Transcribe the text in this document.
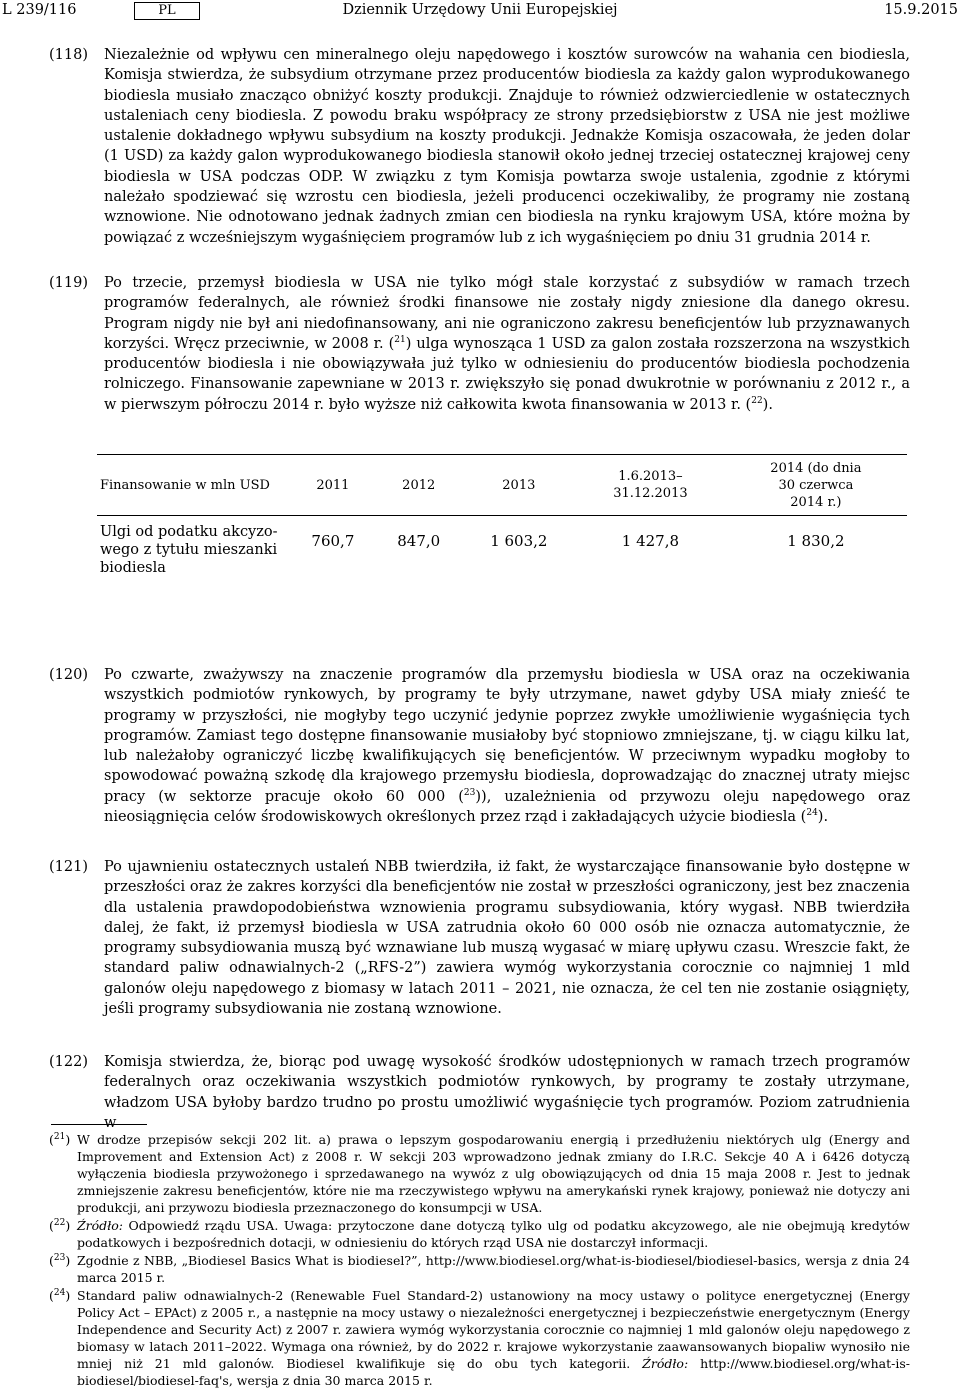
Dziennik Urzędowy Unii Europejskiej
L 239/116	PL	15.9.2015
(118) Niezależnie od wpływu cen mineralnego oleju napędowego i kosztów surowców na wahania cen biodiesla, Komisja stwierdza, że subsydium otrzymane przez producentów biodiesla za każdy galon wyprodukowanego biodiesla musiało znacząco obniżyć koszty produkcji. Znajduje to również odzwierciedlenie w ostatecznych ustaleniach ceny biodiesla. Z powodu braku współpracy ze strony przedsiębiorstw z USA nie jest możliwe ustalenie dokładnego wpływu subsydium na koszty produkcji. Jednakże Komisja oszacowała, że jeden dolar (1 USD) za każdy galon wyprodukowanego biodiesla stanowił około jednej trzeciej ostatecznej krajowej ceny biodiesla w USA podczas ODP. W związku z tym Komisja powtarza swoje ustalenia, zgodnie z którymi należało spodziewać się wzrostu cen biodiesla, jeżeli producenci oczekiwaliby, że programy nie zostaną wznowione. Nie odnotowano jednak żadnych zmian cen biodiesla na rynku krajowym USA, które można by powiązać z wcześniejszym wygaśnięciem programów lub z ich wygaśnięciem po dniu 31 grudnia 2014 r.
(119) Po trzecie, przemysł biodiesla w USA nie tylko mógł stale korzystać z subsydiów w ramach trzech programów federalnych, ale również środki finansowe nie zostały nigdy zniesione dla danego okresu. Program nigdy nie był ani niedofinansowany, ani nie ograniczono zakresu beneficjentów lub przyznawanych korzyści. Wręcz przeciwnie, w 2008 r. ($^{21}$) ulga wynosząca 1 USD za galon została rozszerzona na wszystkich producentów biodiesla i nie obowiązywała już tylko w odniesieniu do producentów biodiesla pochodzenia rolniczego. Finansowanie zapewniane w 2013 r. zwiększyło się ponad dwukrotnie w porównaniu z 2012 r., a w pierwszym półroczu 2014 r. było wyższe niż całkowita kwota finansowania w 2013 r. ($^{22}$).
Finansowanie w mln USD	2011	2012	2013	1.6.2013–
31.12.2013	2014 (do dnia
30 czerwca
2014 r.)
Ulgi od podatku akcyzo-
wego z tytułu mieszanki
biodiesla	760,7	847,0	1 603,2	1 427,8	1 830,2
(120) Po czwarte, zważywszy na znaczenie programów dla przemysłu biodiesla w USA oraz na oczekiwania wszystkich podmiotów rynkowych, by programy te były utrzymane, nawet gdyby USA miały znieść te programy w przyszłości, nie mogłyby tego uczynić jedynie poprzez zwykłe umożliwienie wygaśnięcia tych programów. Zamiast tego dostępne finansowanie musiałoby być stopniowo zmniejszane, tj. w ciągu kilku lat, lub należałoby ograniczyć liczbę kwalifikujących się beneficjentów. W przeciwnym wypadku mogłoby to spowodować poważną szkodę dla krajowego przemysłu biodiesla, doprowadzając do znacznej utraty miejsc pracy (w sektorze pracuje około 60 000 ($^{23}$)), uzależnienia od przywozu oleju napędowego oraz nieosiągnięcia celów środowiskowych określonych przez rząd i zakładających użycie biodiesla ($^{24}$).
(121) Po ujawnieniu ostatecznych ustaleń NBB twierdziła, iż fakt, że wystarczające finansowanie było dostępne w przeszłości oraz że zakres korzyści dla beneficjentów nie został w przeszłości ograniczony, jest bez znaczenia dla ustalenia prawdopodobieństwa wznowienia programu subsydiowania, który wygasł. NBB twierdziła dalej, że fakt, iż przemysł biodiesla w USA zatrudnia około 60 000 osób nie oznacza automatycznie, że programy subsydiowania muszą być wznawiane lub muszą wygasać w miarę upływu czasu. Wreszcie fakt, że standard paliw odnawialnych-2 („RFS-2”) zawiera wymóg wykorzystania corocznie co najmniej 1 mld galonów oleju napędowego z biomasy w latach 2011 – 2021, nie oznacza, że cel ten nie zostanie osiągnięty, jeśli programy subsydiowania nie zostaną wznowione.
(122) Komisja stwierdza, że, biorąc pod uwagę wysokość środków udostępnionych w ramach trzech programów federalnych oraz oczekiwania wszystkich podmiotów rynkowych, by programy te zostały utrzymane, władzom USA byłoby bardzo trudno po prostu umożliwić wygaśnięcie tych programów. Poziom zatrudnienia w
($^{21}$) W drodze przepisów sekcji 202 lit. a) prawa o lepszym gospodarowaniu energią i przedłużeniu niektórych ulg (Energy and Improvement and Extension Act) z 2008 r. W sekcji 203 wprowadzono jednak zmiany do I.R.C. Sekcje 40 A i 6426 dotyczą wyłączenia biodiesla przywożonego i sprzedawanego na wywóz z ulg obowiązujących od dnia 15 maja 2008 r. Jest to jednak zmniejszenie zakresu beneficjentów, które nie ma rzeczywistego wpływu na amerykański rynek krajowy, ponieważ nie dotyczy ani produkcji, ani przywozu biodiesla przeznaczonego do konsumpcji w USA.
($^{22}$) Źródło: Odpowiedź rządu USA. Uwaga: przytoczone dane dotyczą tylko ulg od podatku akcyzowego, ale nie obejmują kredytów podatkowych i bezpośrednich dotacji, w odniesieniu do których rząd USA nie dostarczył informacji.
($^{23}$) Zgodnie z NBB, „Biodiesel Basics What is biodiesel?”, http://www.biodiesel.org/what-is-biodiesel/biodiesel-basics, wersja z dnia 24 marca 2015 r.
($^{24}$) Standard paliw odnawialnych-2 (Renewable Fuel Standard-2) ustanowiony na mocy ustawy o polityce energetycznej (Energy Policy Act – EPAct) z 2005 r., a następnie na mocy ustawy o niezależności energetycznej i bezpieczeństwie energetycznym (Energy Independence and Security Act) z 2007 r. zawiera wymóg wykorzystania corocznie co najmniej 1 mld galonów oleju napędowego z biomasy w latach 2011–2022. Wymaga ona również, by do 2022 r. krajowe wykorzystanie zaawansowanych biopaliw wynosiło nie mniej niż 21 mld galonów. Biodiesel kwalifikuje się do obu tych kategorii. Źródło: http://www.biodiesel.org/what-is-biodiesel/biodiesel-faq's, wersja z dnia 30 marca 2015 r.
